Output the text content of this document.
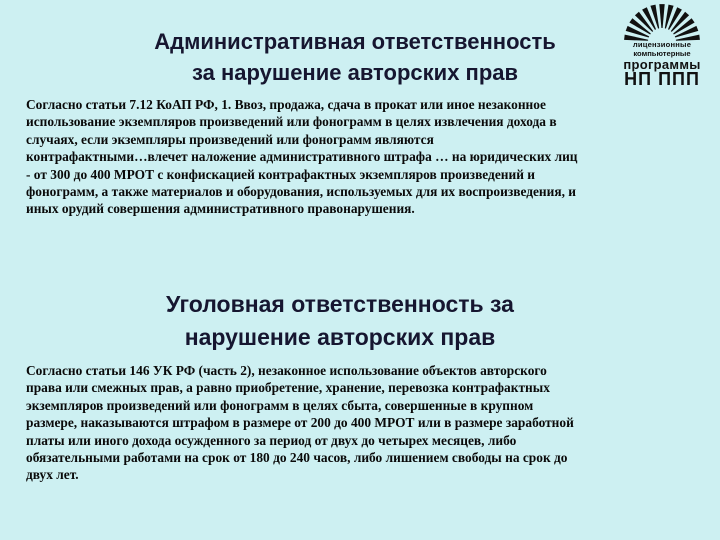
Административная ответственность
за нарушение авторских прав
лицензионные
компьютерные
программы
НП ППП
Согласно статьи 7.12 КоАП РФ, 1. Ввоз, продажа, сдача в прокат или иное незаконное
использование экземпляров произведений или фонограмм в целях извлечения дохода в
случаях, если экземпляры произведений или фонограмм являются
контрафактными…влечет наложение административного штрафа … на юридических лиц
- от 300 до 400 МРОТ с конфискацией контрафактных экземпляров произведений и
фонограмм, а также материалов и оборудования, используемых для их воспроизведения, и
иных орудий совершения административного правонарушения.
Уголовная ответственность за
нарушение авторских прав
Согласно статьи 146 УК РФ (часть 2), незаконное использование объектов авторского
права или смежных прав, а равно приобретение, хранение, перевозка контрафактных
экземпляров произведений или фонограмм в целях сбыта, совершенные в крупном
размере, наказываются штрафом в размере от 200 до 400 МРОТ или в размере заработной
платы или иного дохода осужденного за период от двух до четырех месяцев, либо
обязательными работами на срок от 180 до 240 часов, либо лишением свободы на срок до
двух лет.
